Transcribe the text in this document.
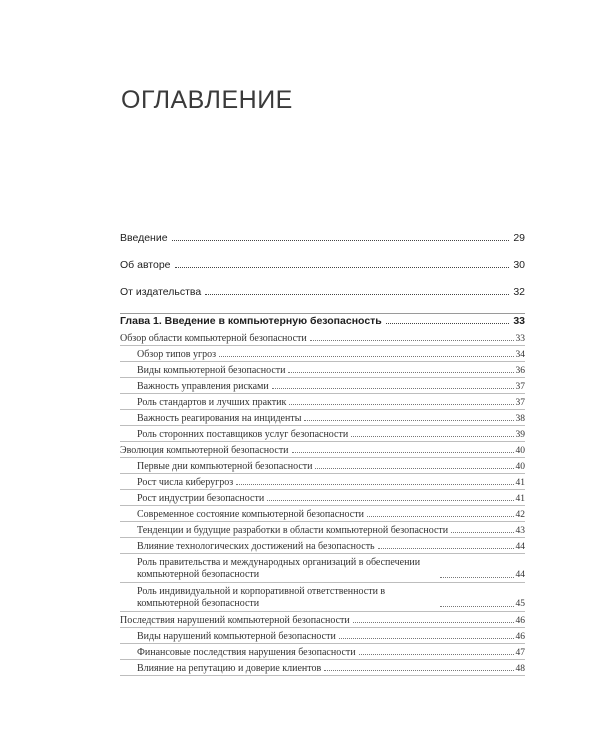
ОГЛАВЛЕНИЕ
Введение	29
Об авторе	30
От издательства	32
Глава 1. Введение в компьютерную безопасность	33
Обзор области компьютерной безопасности	33
Обзор типов угроз	34
Виды компьютерной безопасности	36
Важность управления рисками	37
Роль стандартов и лучших практик	37
Важность реагирования на инциденты	38
Роль сторонних поставщиков услуг безопасности	39
Эволюция компьютерной безопасности	40
Первые дни компьютерной безопасности	40
Рост числа киберугроз	41
Рост индустрии безопасности	41
Современное состояние компьютерной безопасности	42
Тенденции и будущие разработки в области компьютерной безопасности	43
Влияние технологических достижений на безопасность	44
Роль правительства и международных организаций в обеспечении компьютерной безопасности	44
Роль индивидуальной и корпоративной ответственности в компьютерной безопасности	45
Последствия нарушений компьютерной безопасности	46
Виды нарушений компьютерной безопасности	46
Финансовые последствия нарушения безопасности	47
Влияние на репутацию и доверие клиентов	48
